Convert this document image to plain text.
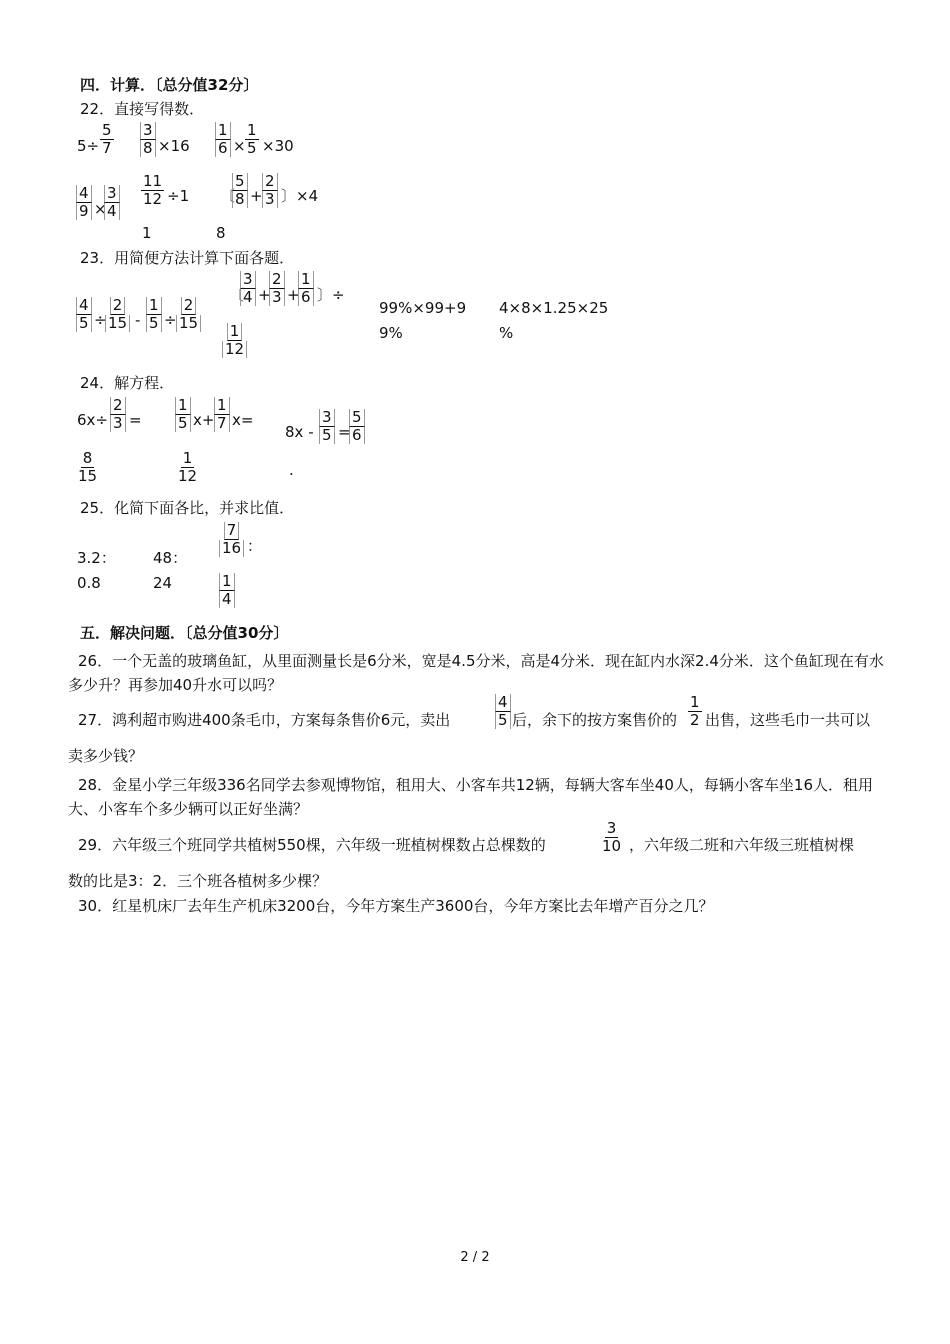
四．计算．〔总分值32分〕
22．直接写得数．
5÷
5
7
3
8 ×16
1
6 ×
1
5 ×30
4
9 ×
3
4
11
12 ÷1 〔
5
8 +
2
3 〕×4
1	8
23．用简便方法计算下面各题．
4
5 ÷
2
15 -
1
5 ÷
2
15
〔
3
4 +
2
3 +
1
6 〕÷
1
12
99%×99+9
9%
4×8×1.25×25
%
24．解方程．
6x÷
2
3 =
8
15
1
5 x+
1
7 x=
1
12
8x -
3
5 =
5
6
.
25．化简下面各比，并求比值．
3.2：
0.8
48：
24
7
16 ：
1
4
五．解决问题．〔总分值30分〕
26．一个无盖的玻璃鱼缸，从里面测量长是6分米，宽是4.5分米，高是4分米．现在缸内水深2.4分米．这个鱼缸现在有水多少升？再参加40升水可以吗？
27．鸿利超市购进400条毛巾，方案每条售价6元，卖出
4
5 后，余下的按方案售价的
1
2 出售，这些毛巾一共可以
卖多少钱？
28．金星小学三年级336名同学去参观博物馆，租用大、小客车共12辆，每辆大客车坐40人，每辆小客车坐16人．租用大、小客车个多少辆可以正好坐满？
29．六年级三个班同学共植树550棵，六年级一班植树棵数占总棵数的
3
10 ，六年级二班和六年级三班植树棵
数的比是3：2．三个班各植树多少棵？
30．红星机床厂去年生产机床3200台，今年方案生产3600台，今年方案比去年增产百分之几？
2 / 2
